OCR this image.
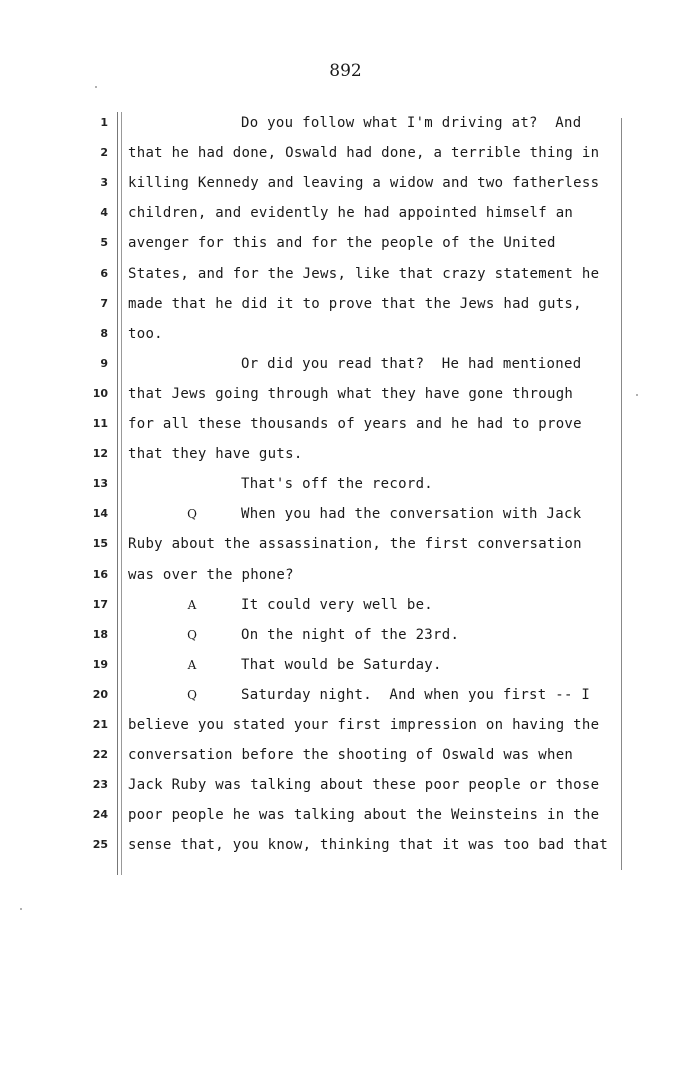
892
1	Do you follow what I'm driving at?  And
2 that he had done, Oswald had done, a terrible thing in
3 killing Kennedy and leaving a widow and two fatherless
4 children, and evidently he had appointed himself an
5 avenger for this and for the people of the United
6 States, and for the Jews, like that crazy statement he
7 made that he did it to prove that the Jews had guts,
8 too.
9	Or did you read that?  He had mentioned
10 that Jews going through what they have gone through
11 for all these thousands of years and he had to prove
12 that they have guts.
13	That's off the record.
14	Q	When you had the conversation with Jack
15 Ruby about the assassination, the first conversation
16 was over the phone?
17	A	It could very well be.
18	Q	On the night of the 23rd.
19	A	That would be Saturday.
20	Q	Saturday night.  And when you first -- I
21 believe you stated your first impression on having the
22 conversation before the shooting of Oswald was when
23 Jack Ruby was talking about these poor people or those
24 poor people he was talking about the Weinsteins in the
25 sense that, you know, thinking that it was too bad that
